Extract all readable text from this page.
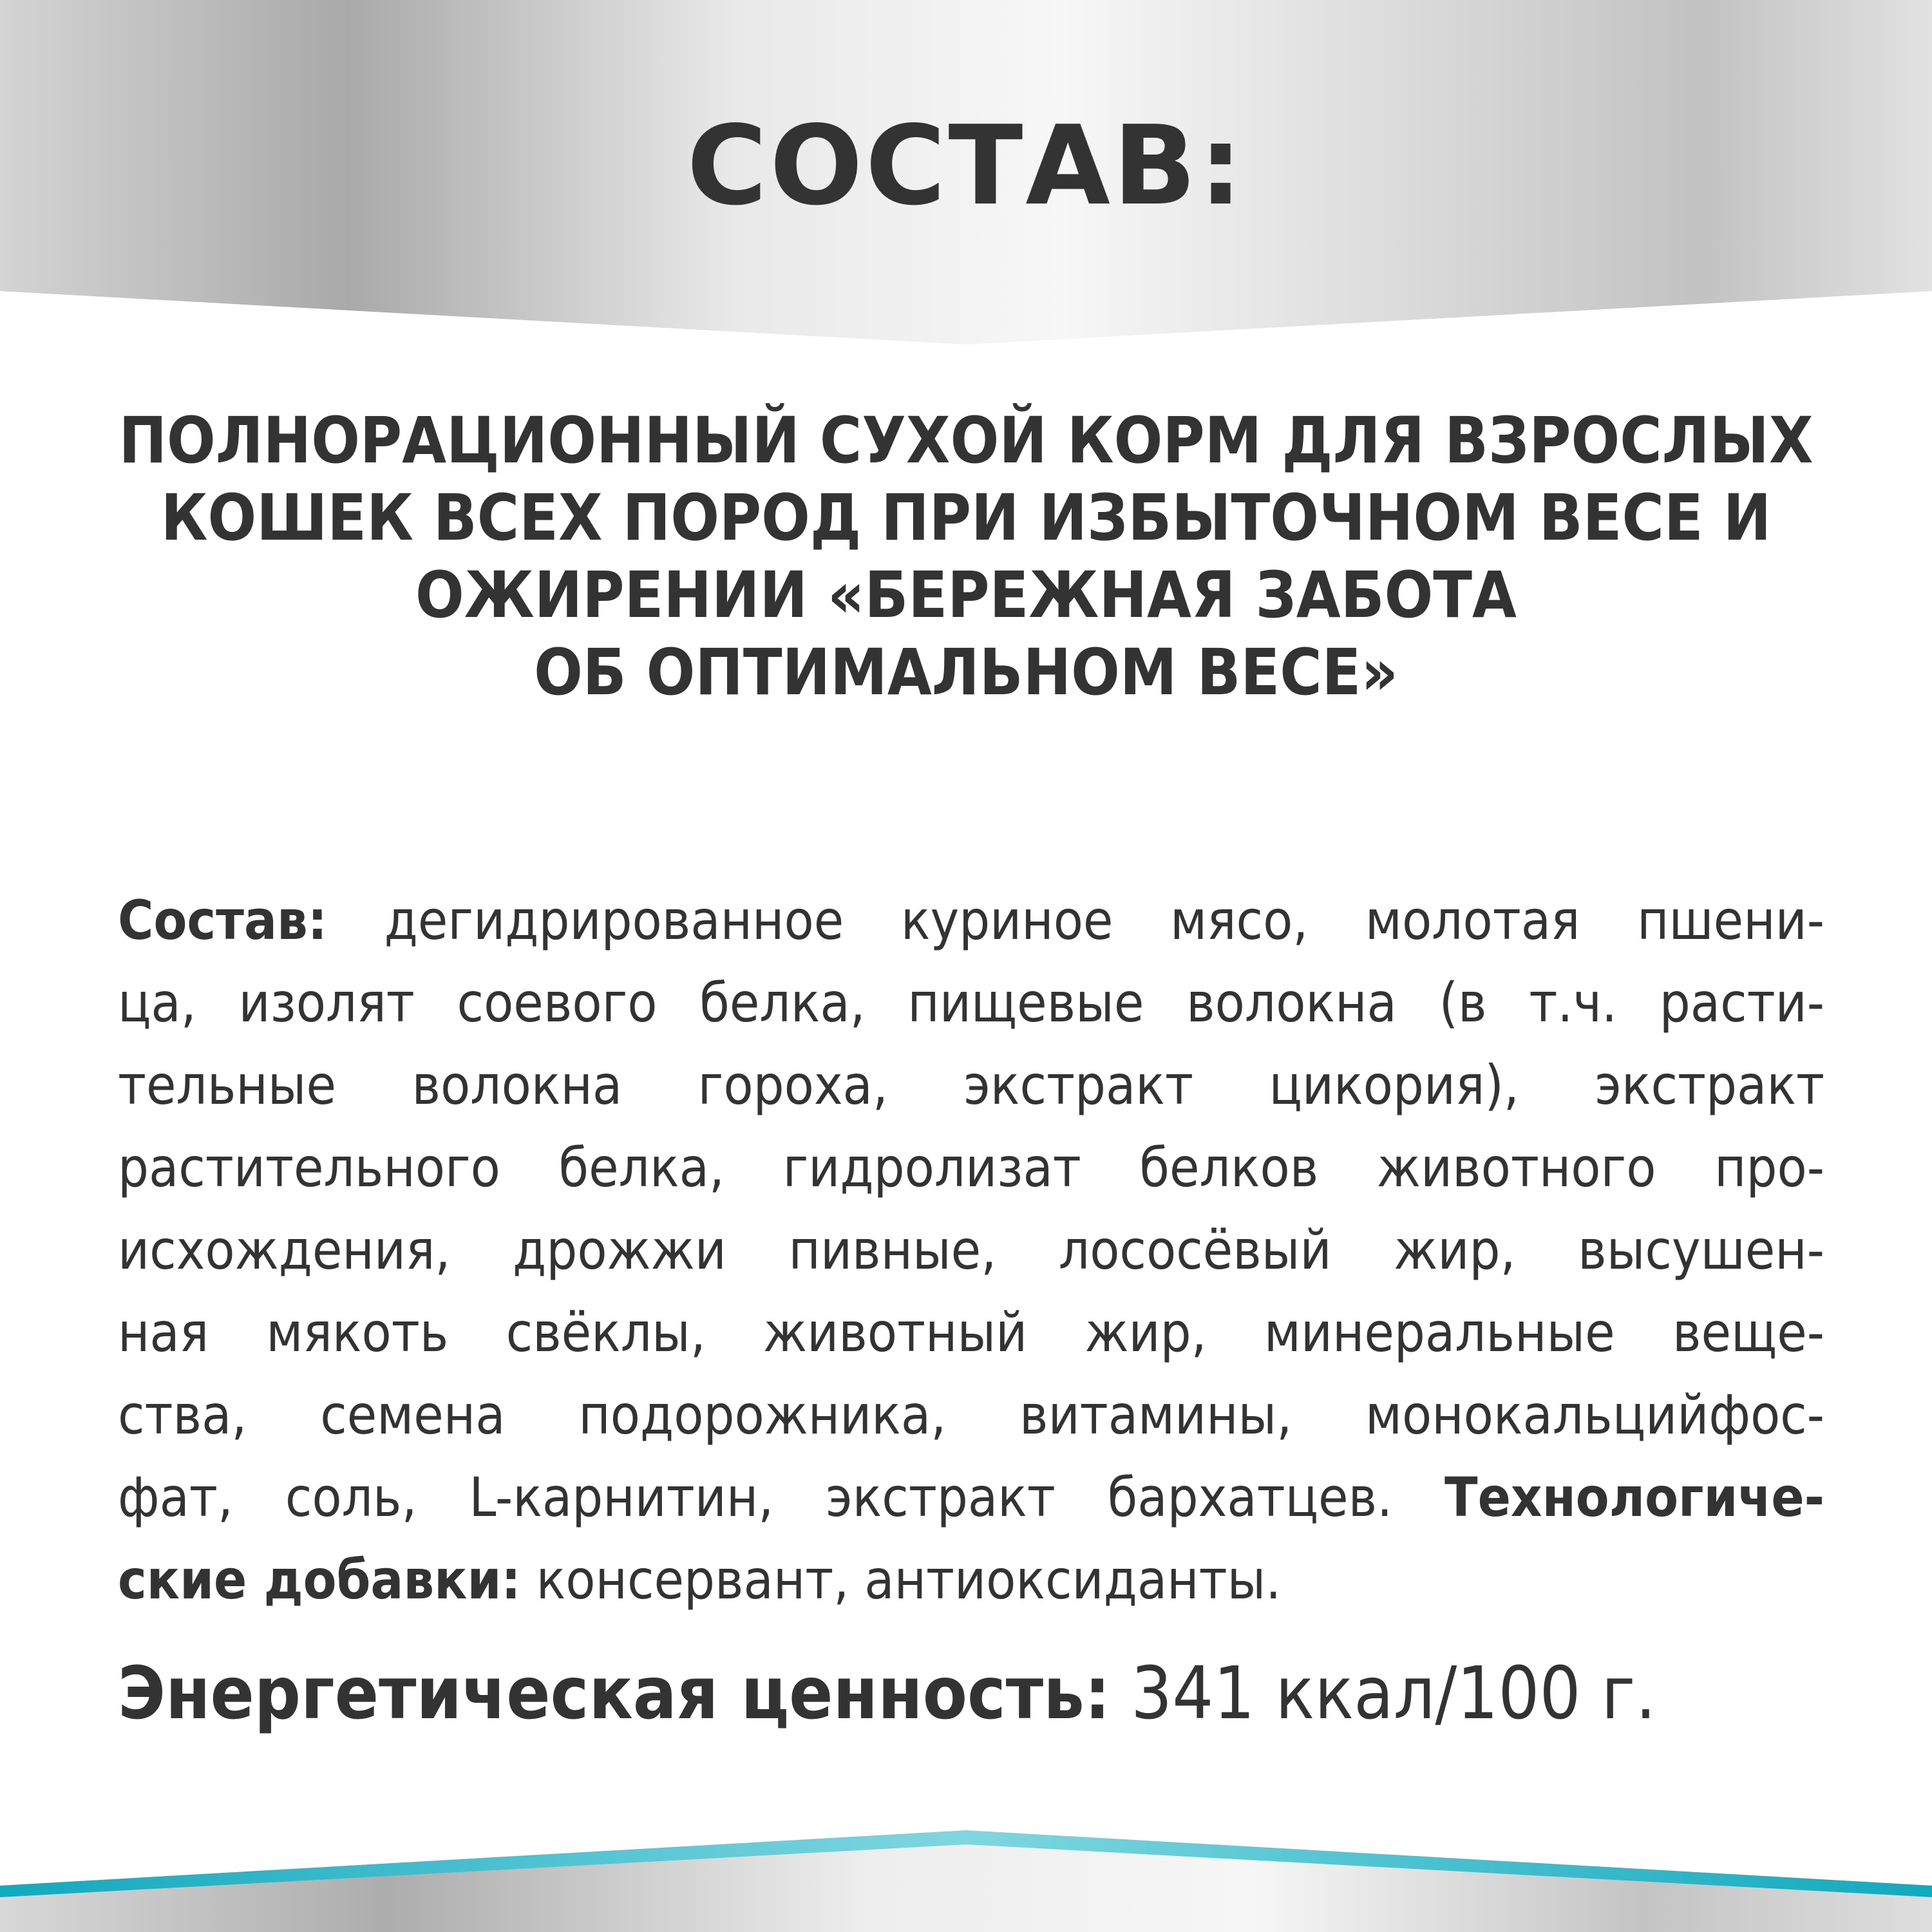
СОСТАВ:
ПОЛНОРАЦИОННЫЙ СУХОЙ КОРМ ДЛЯ ВЗРОСЛЫХ
КОШЕК ВСЕХ ПОРОД ПРИ ИЗБЫТОЧНОМ ВЕСЕ И
ОЖИРЕНИИ «БЕРЕЖНАЯ ЗАБОТА
ОБ ОПТИМАЛЬНОМ ВЕСЕ»
Состав: дегидрированное куриное мясо, молотая пшени-
ца, изолят соевого белка, пищевые волокна (в т.ч. расти-
тельные волокна гороха, экстракт цикория), экстракт
растительного белка, гидролизат белков животного про-
исхождения, дрожжи пивные, лососёвый жир, высушен-
ная мякоть свёклы, животный жир, минеральные веще-
ства, семена подорожника, витамины, монокальцийфос-
фат, соль, L-карнитин, экстракт бархатцев. Технологиче-
ские добавки: консервант, антиоксиданты.
Энергетическая ценность: 341 ккал/100 г.
